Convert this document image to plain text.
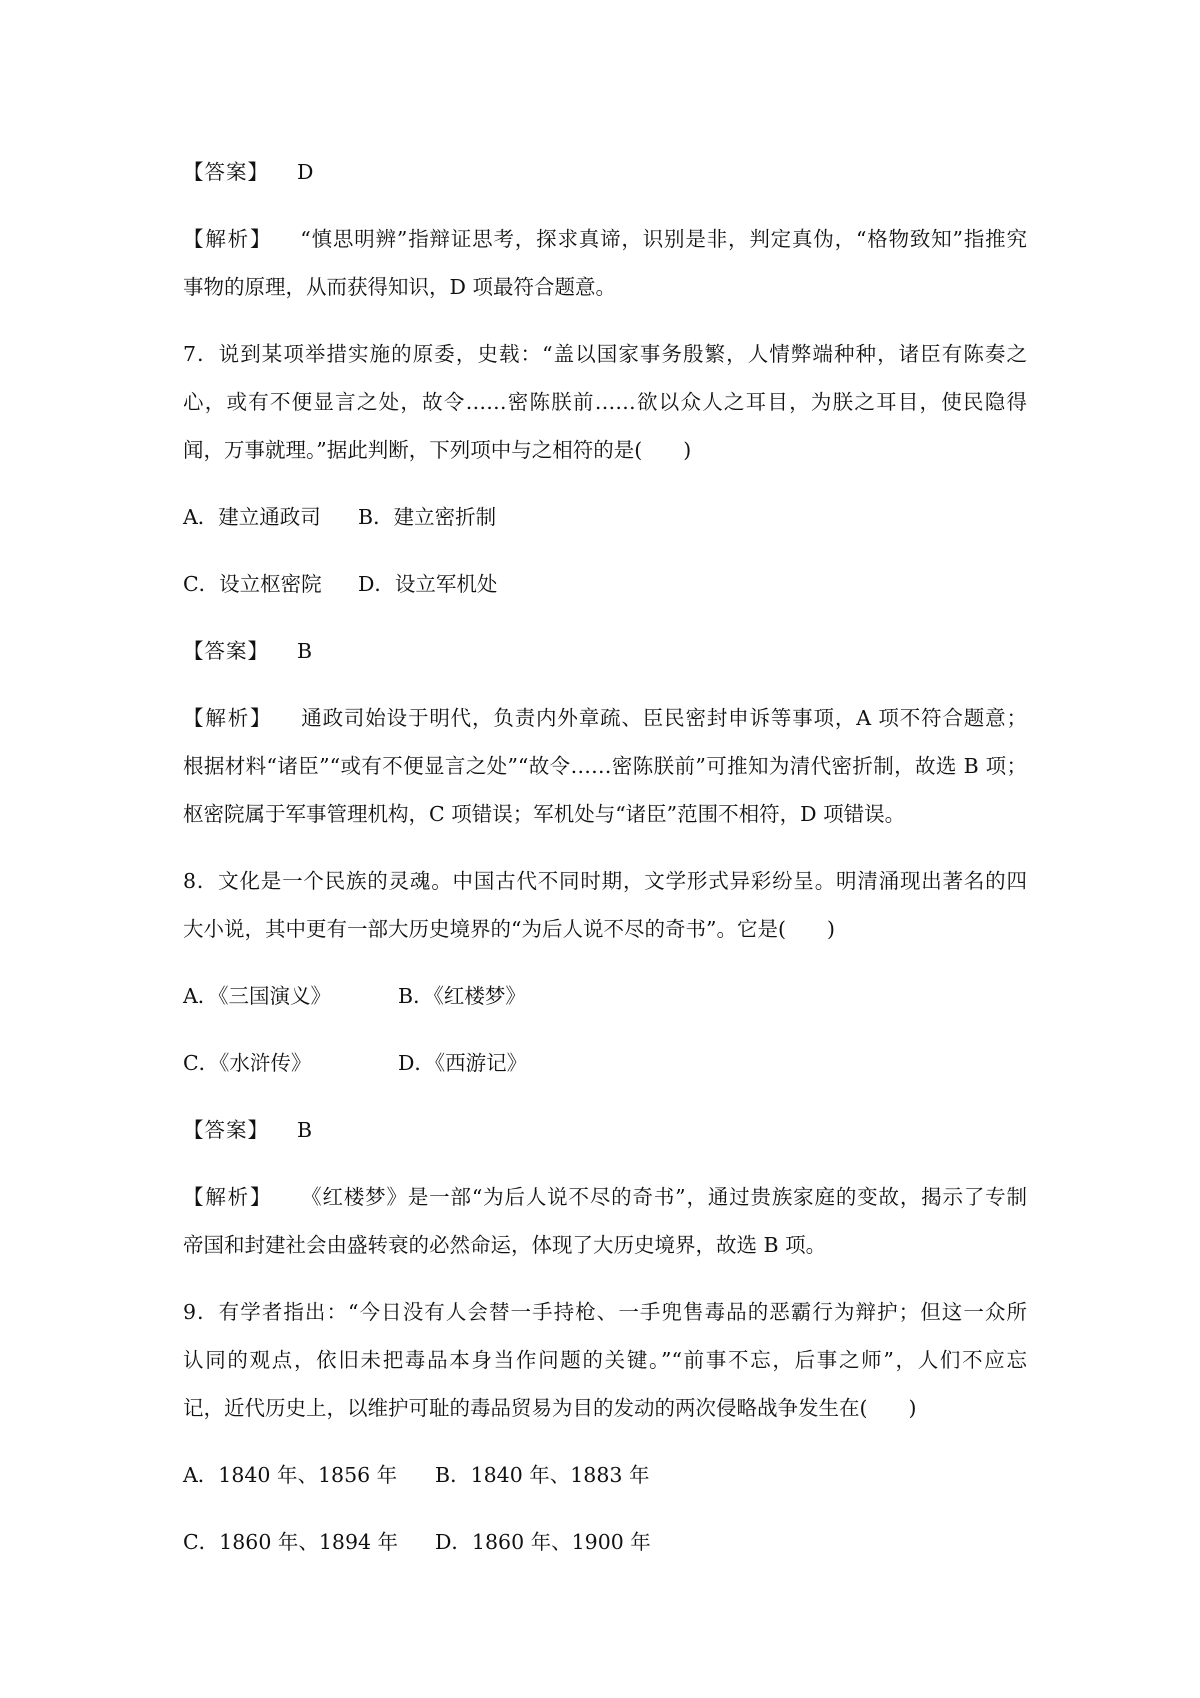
【答案】 D
【解析】 “慎思明辨”指辩证思考，探求真谛，识别是非，判定真伪，“格物致知”指推究
事物的原理，从而获得知识，D 项最符合题意。
7．说到某项举措实施的原委，史载：“盖以国家事务殷繁，人情弊端种种，诸臣有陈奏之
心，或有不便显言之处，故令……密陈朕前……欲以众人之耳目，为朕之耳目，使民隐得
闻，万事就理。”据此判断，下列项中与之相符的是(　　)
A．建立通政司 B．建立密折制
C．设立枢密院 D．设立军机处
【答案】 B
【解析】 通政司始设于明代，负责内外章疏、臣民密封申诉等事项，A 项不符合题意；
根据材料“诸臣”“或有不便显言之处”“故令……密陈朕前”可推知为清代密折制，故选 B 项；
枢密院属于军事管理机构，C 项错误；军机处与“诸臣”范围不相符，D 项错误。
8．文化是一个民族的灵魂。中国古代不同时期，文学形式异彩纷呈。明清涌现出著名的四
大小说，其中更有一部大历史境界的“为后人说不尽的奇书”。它是(　　)
A．《三国演义》	B．《红楼梦》
C．《水浒传》	D．《西游记》
【答案】 B
【解析】 《红楼梦》是一部“为后人说不尽的奇书”，通过贵族家庭的变故，揭示了专制
帝国和封建社会由盛转衰的必然命运，体现了大历史境界，故选 B 项。
9．有学者指出：“今日没有人会替一手持枪、一手兜售毒品的恶霸行为辩护；但这一众所
认同的观点，依旧未把毒品本身当作问题的关键。”“前事不忘，后事之师”，人们不应忘
记，近代历史上，以维护可耻的毒品贸易为目的发动的两次侵略战争发生在(　　)
A．1840 年、1856 年 B．1840 年、1883 年
C．1860 年、1894 年 D．1860 年、1900 年
